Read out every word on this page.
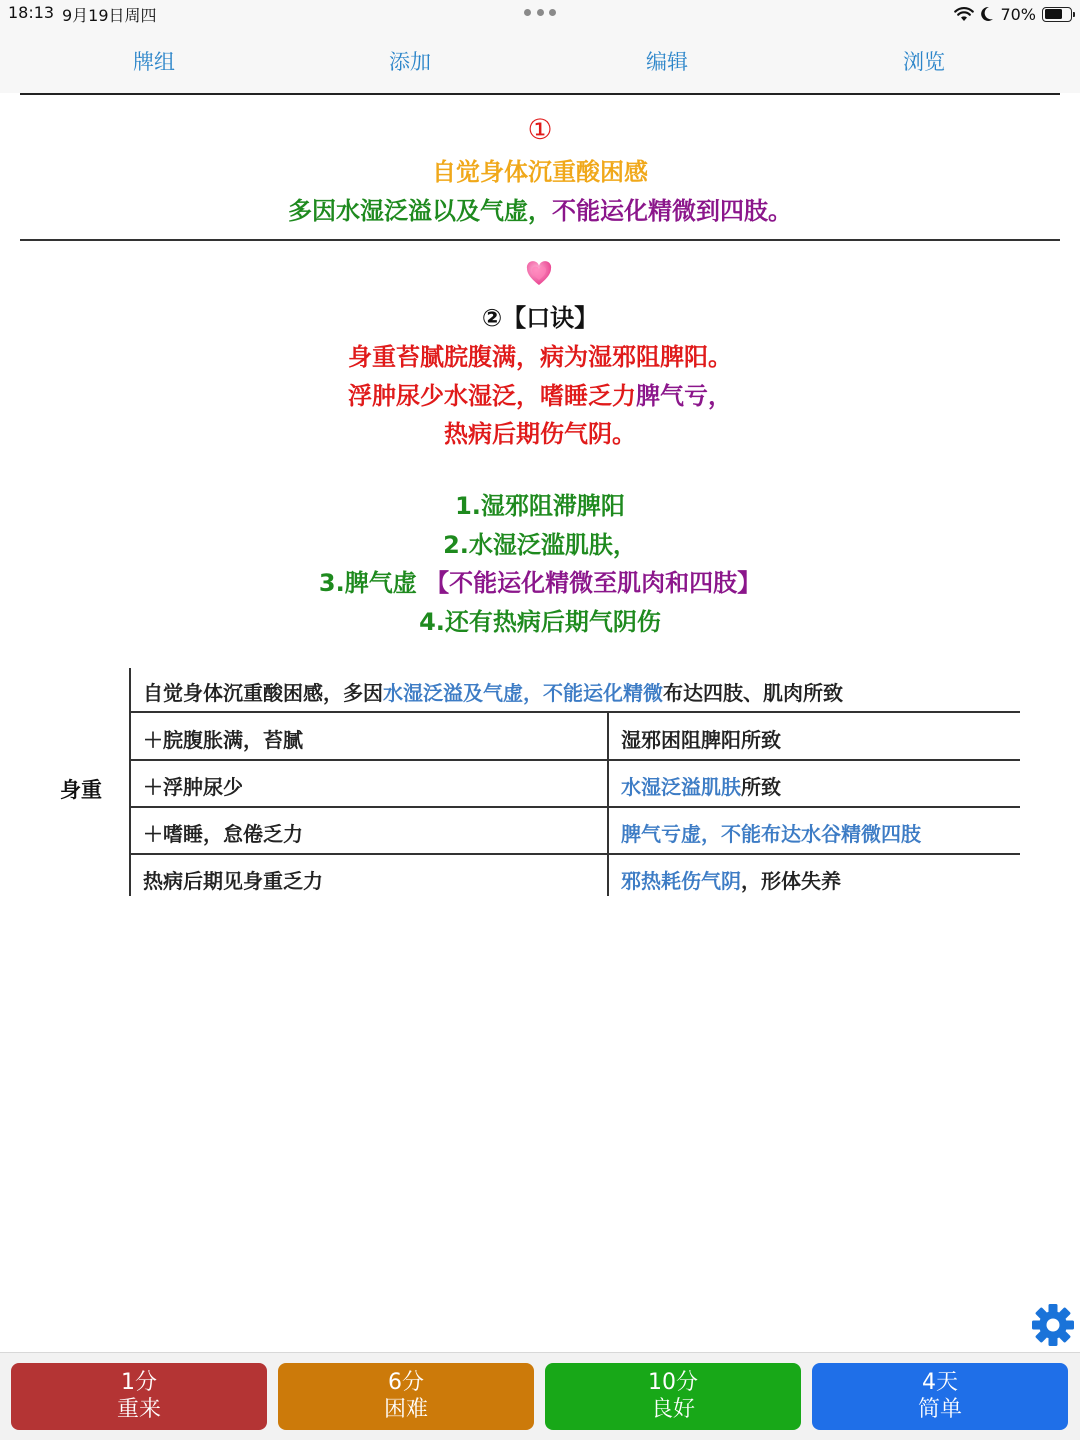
18:13 9月19日周四	70%
牌组	添加	编辑	浏览
①
自觉身体沉重酸困感
多因水湿泛溢以及气虚，不能运化精微到四肢。
②【口诀】
身重苔腻脘腹满，病为湿邪阻脾阳。
浮肿尿少水湿泛，嗜睡乏力脾气亏，
热病后期伤气阴。
1.湿邪阻滞脾阳
2.水湿泛滥肌肤，
3.脾气虚 【不能运化精微至肌肉和四肢】
4.还有热病后期气阴伤
身重
自觉身体沉重酸困感，多因水湿泛溢及气虚，不能运化精微布达四肢、肌肉所致
＋脘腹胀满，苔腻	湿邪困阻脾阳所致
＋浮肿尿少	水湿泛溢肌肤所致
＋嗜睡，怠倦乏力	脾气亏虚，不能布达水谷精微四肢
热病后期见身重乏力	邪热耗伤气阴，形体失养
1分
重来
6分
困难
10分
良好
4天
简单
